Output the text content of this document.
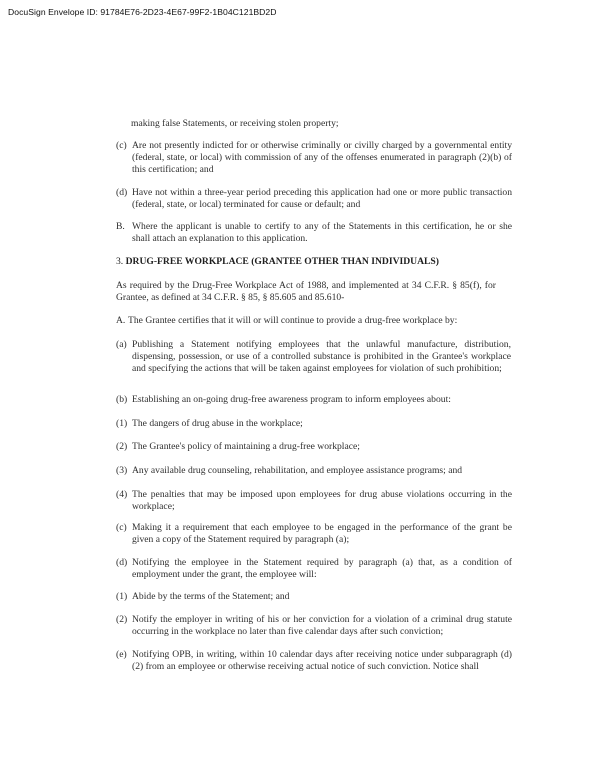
DocuSign Envelope ID: 91784E76-2D23-4E67-99F2-1B04C121BD2D
making false Statements, or receiving stolen property;
(c) Are not presently indicted for or otherwise criminally or civilly charged by a governmental entity (federal, state, or local) with commission of any of the offenses enumerated in paragraph (2)(b) of this certification; and
(d) Have not within a three-year period preceding this application had one or more public transaction (federal, state, or local) terminated for cause or default; and
B. Where the applicant is unable to certify to any of the Statements in this certification, he or she shall attach an explanation to this application.
3. DRUG-FREE WORKPLACE (GRANTEE OTHER THAN INDIVIDUALS)
As required by the Drug-Free Workplace Act of 1988, and implemented at 34 C.F.R. § 85(f), for Grantee, as defined at 34 C.F.R. § 85, § 85.605 and 85.610-
A. The Grantee certifies that it will or will continue to provide a drug-free workplace by:
(a) Publishing a Statement notifying employees that the unlawful manufacture, distribution, dispensing, possession, or use of a controlled substance is prohibited in the Grantee's workplace and specifying the actions that will be taken against employees for violation of such prohibition;
(b) Establishing an on-going drug-free awareness program to inform employees about:
(1) The dangers of drug abuse in the workplace;
(2) The Grantee's policy of maintaining a drug-free workplace;
(3) Any available drug counseling, rehabilitation, and employee assistance programs; and
(4) The penalties that may be imposed upon employees for drug abuse violations occurring in the workplace;
(c) Making it a requirement that each employee to be engaged in the performance of the grant be given a copy of the Statement required by paragraph (a);
(d) Notifying the employee in the Statement required by paragraph (a) that, as a condition of employment under the grant, the employee will:
(1) Abide by the terms of the Statement; and
(2) Notify the employer in writing of his or her conviction for a violation of a criminal drug statute occurring in the workplace no later than five calendar days after such conviction;
(e) Notifying OPB, in writing, within 10 calendar days after receiving notice under subparagraph (d)(2) from an employee or otherwise receiving actual notice of such conviction. Notice shall
